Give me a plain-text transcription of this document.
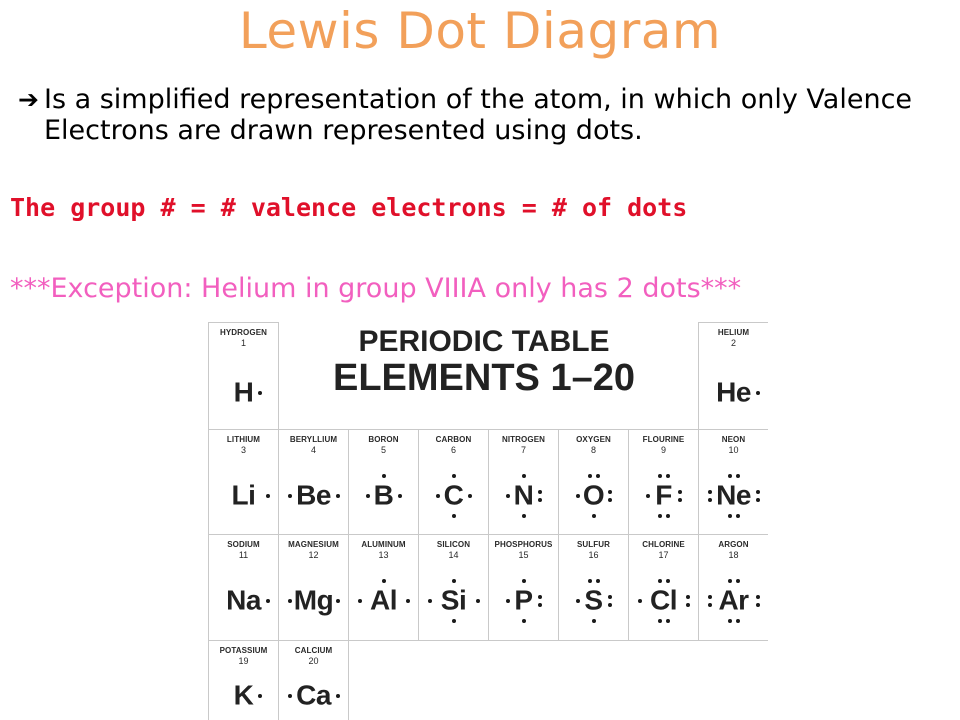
Lewis Dot Diagram
➔ Is a simplified representation of the atom, in which only Valence Electrons are drawn represented using dots.
The group # = # valence electrons = # of dots
***Exception: Helium in group VIIIA only has 2 dots***
PERIODIC TABLE
ELEMENTS 1–20
HYDROGEN
1
H
HELIUM
2
He
LITHIUM
3
Li
BERYLLIUM
4
Be
BORON
5
B
CARBON
6
C
NITROGEN
7
N
OXYGEN
8
O
FLOURINE
9
F
NEON
10
Ne
SODIUM
11
Na
MAGNESIUM
12
Mg
ALUMINUM
13
Al
SILICON
14
Si
PHOSPHORUS
15
P
SULFUR
16
S
CHLORINE
17
Cl
ARGON
18
Ar
POTASSIUM
19
K
CALCIUM
20
Ca
